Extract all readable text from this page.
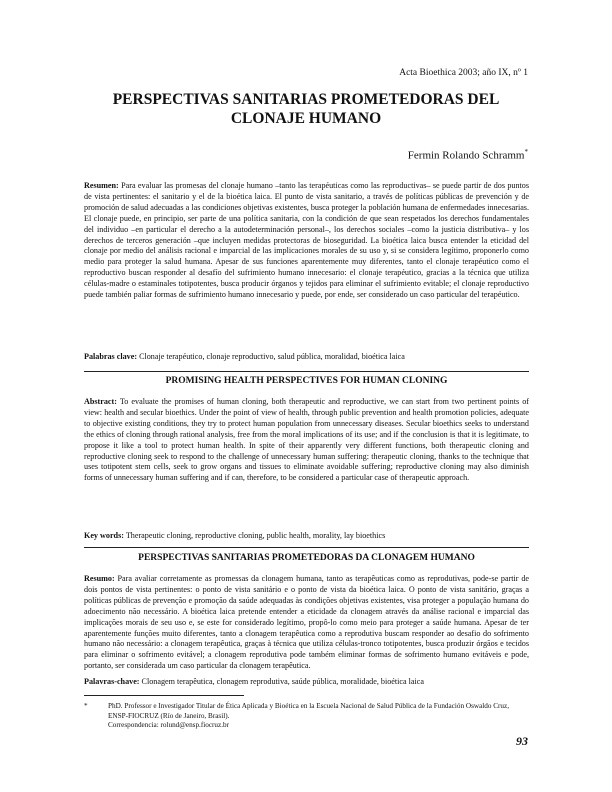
Acta Bioethica 2003; año IX, nº 1
PERSPECTIVAS SANITARIAS PROMETEDORAS DEL CLONAJE HUMANO
Fermin Rolando Schramm*

Resumen: Para evaluar las promesas del clonaje humano –tanto las terapéuticas como las reproductivas– se puede partir de dos puntos de vista pertinentes: el sanitario y el de la bioética laica. El punto de vista sanitario, a través de políticas públicas de prevención y de promoción de salud adecuadas a las condiciones objetivas existentes, busca proteger la población humana de enfermedades innecesarias. El clonaje puede, en principio, ser parte de una política sanitaria, con la condición de que sean respetados los derechos fundamentales del individuo –en particular el derecho a la autodeterminación personal–, los derechos sociales –como la justicia distributiva– y los derechos de terceros generación –que incluyen medidas protectoras de bioseguridad. La bioética laica busca entender la eticidad del clonaje por medio del análisis racional e imparcial de las implicaciones morales de su uso y, si se considera legítimo, proponerlo como medio para proteger la salud humana. Apesar de sus funciones aparentemente muy diferentes, tanto el clonaje terapéutico como el reproductivo buscan responder al desafío del sufrimiento humano innecesario: el clonaje terapéutico, gracias a la técnica que utiliza células-madre o estaminales totipotentes, busca producir órganos y tejidos para eliminar el sufrimiento evitable; el clonaje reproductivo puede también paliar formas de sufrimiento humano innecesario y puede, por ende, ser considerado un caso particular del terapéutico.

Palabras clave: Clonaje terapéutico, clonaje reproductivo, salud pública, moralidad, bioética laica

PROMISING HEALTH PERSPECTIVES FOR HUMAN CLONING

Abstract: To evaluate the promises of human cloning, both therapeutic and reproductive, we can start from two pertinent points of view: health and secular bioethics. Under the point of view of health, through public prevention and health promotion policies, adequate to objective existing conditions, they try to protect human population from unnecessary diseases. Secular bioethics seeks to understand the ethics of cloning through rational analysis, free from the moral implications of its use; and if the conclusion is that it is legitimate, to propose it like a tool to protect human health. In spite of their apparently very different functions, both therapeutic cloning and reproductive cloning seek to respond to the challenge of unnecessary human suffering: therapeutic cloning, thanks to the technique that uses totipotent stem cells, seek to grow organs and tissues to eliminate avoidable suffering; reproductive cloning may also diminish forms of unnecessary human suffering and if can, therefore, to be considered a particular case of therapeutic approach.

Key words: Therapeutic cloning, reproductive cloning, public health, morality, lay bioethics

PERSPECTIVAS SANITARIAS PROMETEDORAS DA CLONAGEM HUMANO

Resumo: Para avaliar corretamente as promessas da clonagem humana, tanto as terapêuticas como as reprodutivas, pode-se partir de dois pontos de vista pertinentes: o ponto de vista sanitário e o ponto de vista da bioética laica. O ponto de vista sanitário, graças a políticas públicas de prevenção e promoção da saúde adequadas às condições objetivas existentes, visa proteger a população humana do adoecimento não necessário. A bioética laica pretende entender a eticidade da clonagem através da análise racional e imparcial das implicações morais de seu uso e, se este for considerado legítimo, propô-lo como meio para proteger a saúde humana. Apesar de ter aparentemente funções muito diferentes, tanto a clonagem terapêutica como a reprodutiva buscam responder ao desafio do sofrimento humano não necessário: a clonagem terapêutica, graças à técnica que utiliza células-tronco totipotentes, busca produzir órgãos e tecidos para eliminar o sofrimento evitável; a clonagem reprodutiva pode também eliminar formas de sofrimento humano evitáveis e pode, portanto, ser considerada um caso particular da clonagem terapêutica.

Palavras-chave: Clonagem terapêutica, clonagem reprodutiva, saúde pública, moralidade, bioética laica

*	PhD. Professor e Investigador Titular de Ética Aplicada y Bioética en la Escuela Nacional de Salud Pública de la Fundación Oswaldo Cruz, ENSP-FIOCRUZ (Río de Janeiro, Brasil).
Correspondencia: rolund@ensp.fiocruz.br
93
